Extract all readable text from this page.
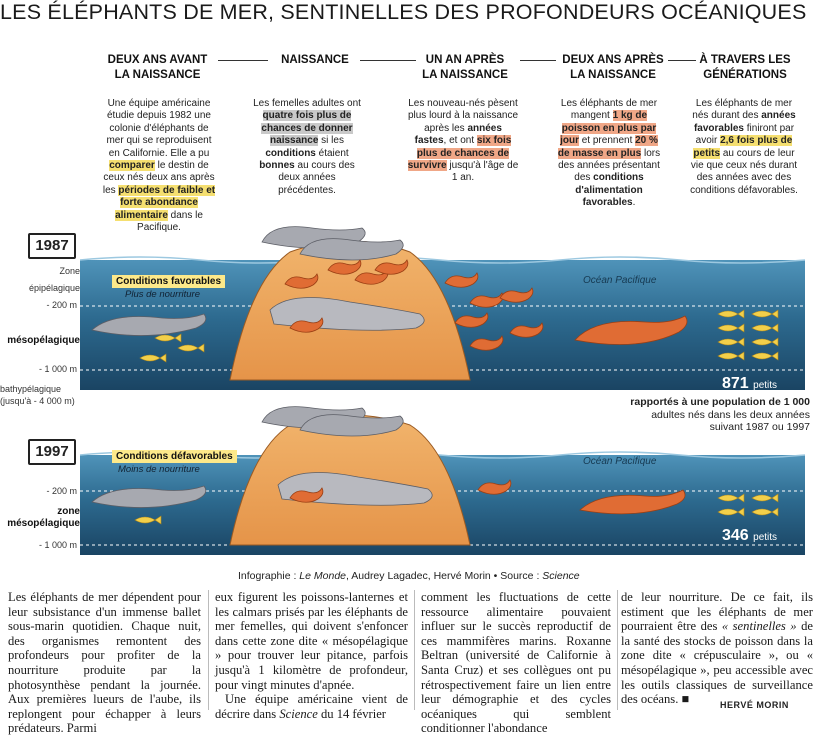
LES ÉLÉPHANTS DE MER, SENTINELLES DES PROFONDEURS OCÉANIQUES
DEUX ANS AVANT
LA NAISSANCE
NAISSANCE	UN AN APRÈS
LA NAISSANCE
DEUX ANS APRÈS
LA NAISSANCE
À TRAVERS LES
GÉNÉRATIONS
Une équipe américaine étudie depuis 1982 une colonie d'éléphants de mer qui se reproduisent en Californie. Elle a pu comparer le destin de ceux nés deux ans après les périodes de faible et forte abondance alimentaire dans le Pacifique.
Les femelles adultes ont quatre fois plus de chances de donner naissance si les conditions étaient bonnes au cours des deux années précédentes.
Les nouveau-nés pèsent plus lourd à la naissance après les années fastes, et ont six fois plus de chances de survivre jusqu'à l'âge de 1 an.
Les éléphants de mer mangent 1 kg de poisson en plus par jour et prennent 20 % de masse en plus lors des années présentant des conditions d'alimentation favorables.
Les éléphants de mer nés durant des années favorables finiront par avoir 2,6 fois plus de petits au cours de leur vie que ceux nés durant des années avec des conditions défavorables.
1987
Zone
épipélagique
- 200 m
mésopélagique
- 1 000 m
bathypélagique
(jusqu'à - 4 000 m)
Conditions favorables
Plus de nourriture
Océan Pacifique
871 petits
rapportés à une population de 1 000
adultes nés dans les deux années
suivant 1987 ou 1997
1997
- 200 m
zone
mésopélagique
- 1 000 m
Conditions défavorables
Moins de nourriture
Océan Pacifique
346 petits
Infographie : Le Monde, Audrey Lagadec, Hervé Morin • Source : Science
Les éléphants de mer dépendent pour leur subsistance d'un immense ballet sous-marin quotidien. Chaque nuit, des organismes remontent des profondeurs pour profiter de la nourriture produite par la photosynthèse pendant la journée. Aux premières lueurs de l'aube, ils replongent pour échapper à leurs prédateurs. Parmi
eux figurent les poissons-lanternes et les calmars prisés par les éléphants de mer femelles, qui doivent s'enfoncer dans cette zone dite « mésopélagique » pour trouver leur pitance, parfois jusqu'à 1 kilomètre de profondeur, pour vingt minutes d'apnée.
Une équipe américaine vient de décrire dans Science du 14 février
comment les fluctuations de cette ressource alimentaire pouvaient influer sur le succès reproductif de ces mammifères marins. Roxanne Beltran (université de Californie à Santa Cruz) et ses collègues ont pu rétrospectivement faire un lien entre leur démographie et des cycles océaniques qui semblent conditionner l'abondance
de leur nourriture. De ce fait, ils estiment que les éléphants de mer pourraient être des « sentinelles » de la santé des stocks de poisson dans la zone dite « crépusculaire », ou « mésopélagique », peu accessible avec les outils classiques de surveillance des océans. ■	HERVÉ MORIN
